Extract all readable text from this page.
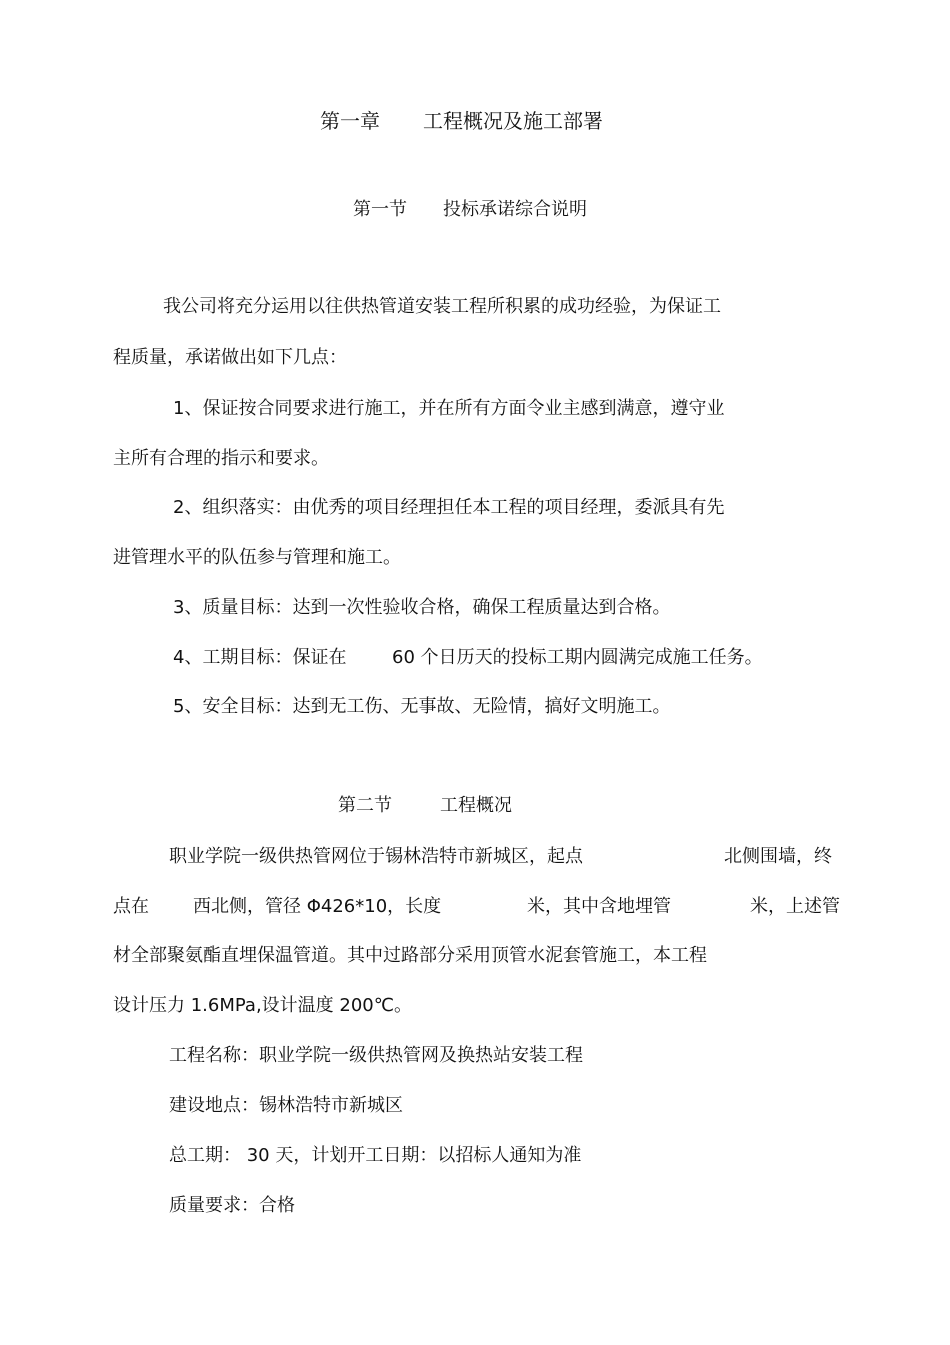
第一章 工程概况及施工部署
第一节 投标承诺综合说明
我公司将充分运用以往供热管道安装工程所积累的成功经验，为保证工
程质量，承诺做出如下几点：
1、保证按合同要求进行施工，并在所有方面令业主感到满意，遵守业
主所有合理的指示和要求。
2、组织落实：由优秀的项目经理担任本工程的项目经理，委派具有先
进管理水平的队伍参与管理和施工。
3、质量目标：达到一次性验收合格，确保工程质量达到合格。
4、工期目标：保证在	60 个日历天的投标工期内圆满完成施工任务。
5、安全目标：达到无工伤、无事故、无险情，搞好文明施工。
第二节	工程概况
职业学院一级供热管网位于锡林浩特市新城区，起点	北侧围墙，终
点在 西北侧，管径 Φ426*10，长度	米，其中含地埋管	米，上述管
材全部聚氨酯直埋保温管道。其中过路部分采用顶管水泥套管施工，本工程
设计压力 1.6MPa,设计温度 200℃。
工程名称：职业学院一级供热管网及换热站安装工程
建设地点：锡林浩特市新城区
总工期： 30 天，计划开工日期：以招标人通知为准
质量要求：合格
